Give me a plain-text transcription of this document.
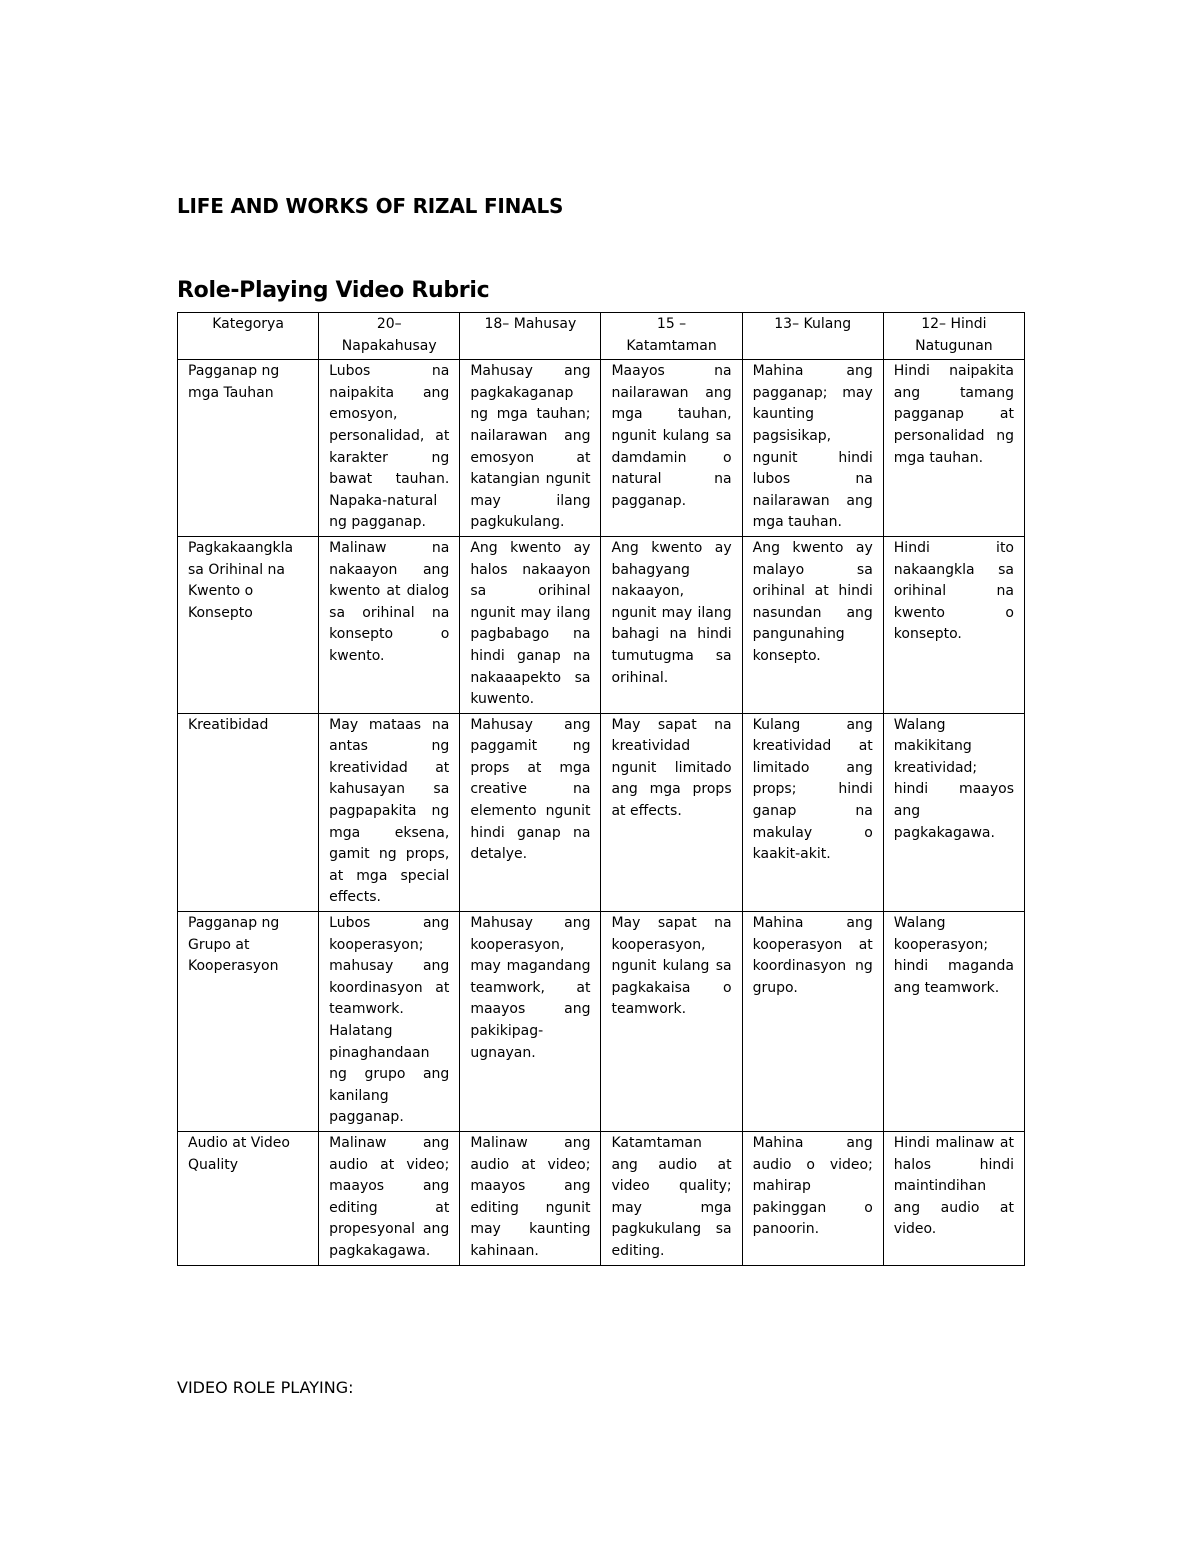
LIFE AND WORKS OF RIZAL FINALS
Role-Playing Video Rubric
Kategorya	20– Napakahusay	18– Mahusay	15 – Katamtaman	13– Kulang	12– Hindi Natugunan
Pagganap ng mga Tauhan	Lubos na naipakita ang emosyon, personalidad, at karakter ng bawat tauhan. Napaka-natural ng pagganap.	Mahusay ang pagkakaganap ng mga tauhan; nailarawan ang emosyon at katangian ngunit may ilang pagkukulang.	Maayos na nailarawan ang mga tauhan, ngunit kulang sa damdamin o natural na pagganap.	Mahina ang pagganap; may kaunting pagsisikap, ngunit hindi lubos na nailarawan ang mga tauhan.	Hindi naipakita ang tamang pagganap at personalidad ng mga tauhan.
Pagkakaangkla sa Orihinal na Kwento o Konsepto	Malinaw na nakaayon ang kwento at dialog sa orihinal na konsepto o kwento.	Ang kwento ay halos nakaayon sa orihinal ngunit may ilang pagbabago na hindi ganap na nakaaapekto sa kuwento.	Ang kwento ay bahagyang nakaayon, ngunit may ilang bahagi na hindi tumutugma sa orihinal.	Ang kwento ay malayo sa orihinal at hindi nasundan ang pangunahing konsepto.	Hindi ito nakaangkla sa orihinal na kwento o konsepto.
Kreatibidad	May mataas na antas ng kreatividad at kahusayan sa pagpapakita ng mga eksena, gamit ng props, at mga special effects.	Mahusay ang paggamit ng props at mga creative na elemento ngunit hindi ganap na detalye.	May sapat na kreatividad ngunit limitado ang mga props at effects.	Kulang ang kreatividad at limitado ang props; hindi ganap na makulay o kaakit-akit.	Walang makikitang kreatividad; hindi maayos ang pagkakagawa.
Pagganap ng Grupo at Kooperasyon	Lubos ang kooperasyon; mahusay ang koordinasyon at teamwork. Halatang pinaghandaan ng grupo ang kanilang pagganap.	Mahusay ang kooperasyon, may magandang teamwork, at maayos ang pakikipag-ugnayan.	May sapat na kooperasyon, ngunit kulang sa pagkakaisa o teamwork.	Mahina ang kooperasyon at koordinasyon ng grupo.	Walang kooperasyon; hindi maganda ang teamwork.
Audio at Video Quality	Malinaw ang audio at video; maayos ang editing at propesyonal ang pagkakagawa.	Malinaw ang audio at video; maayos ang editing ngunit may kaunting kahinaan.	Katamtaman ang audio at video quality; may mga pagkukulang sa editing.	Mahina ang audio o video; mahirap pakinggan o panoorin.	Hindi malinaw at halos hindi maintindihan ang audio at video.

VIDEO ROLE PLAYING:
